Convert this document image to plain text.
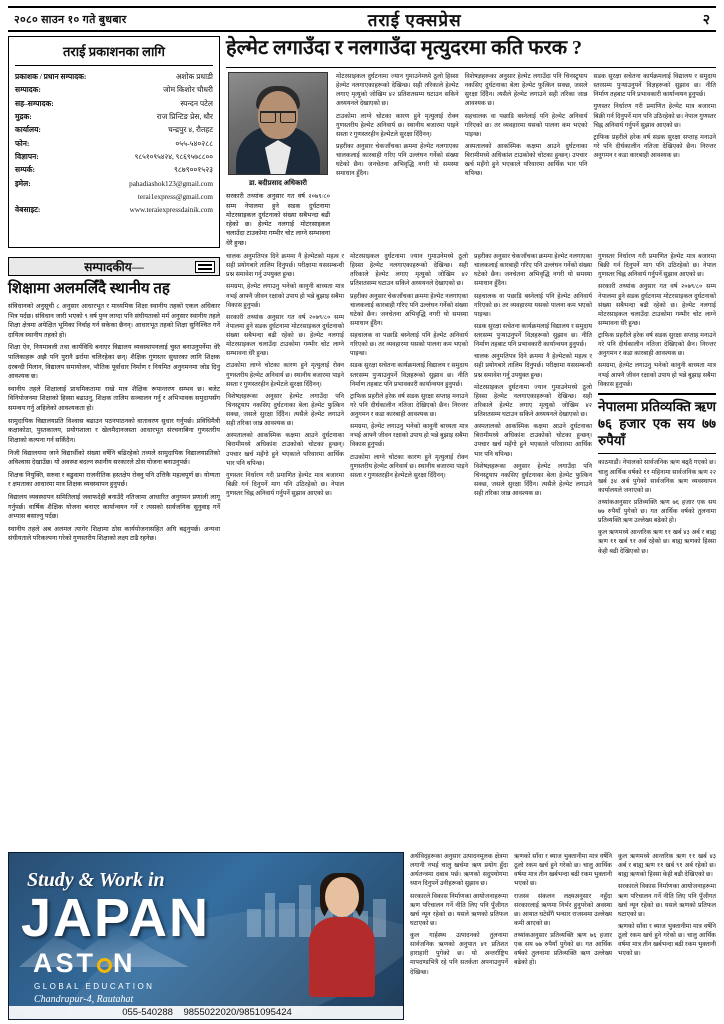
२०८० साउन १० गते बुधबार	तराई एक्सप्रेस	२
तराई प्रकाशनका लागि
प्रकाशक / प्रधान सम्पादक:	अशोक प्रधाडी
सम्पादक:	जोम किशोर चौधरी
सह–सम्पादक:	स्पन्दन पटेल
मुद्रक:	राज प्रिन्टिङ प्रेस, थौर
कार्यालय:	चन्द्रपुर ४, रौतहट
फोन:	०५५-५४०२८८
विज्ञापन:	९८५१०९५४२४, ९८६९५७८८००
सम्पर्क:	९८७९००१५२३
इमेल:	pahadiashok123@gmail.com
terai1express@gmail.com
वेबसाइट:	www.teraiexpressdainik.com
हेल्मेट लगाउँदा र नलगाउँदा मृत्युदरमा कति फरक ?
डा. बदीप्रसाद अधिकारी
सरकारी तथ्यांक अनुसार गत वर्ष २०७९/८० सम्म नेपालमा हुने सडक दुर्घटनामा मोटरसाइकल दुर्घटनाको संख्या सबैभन्दा बढी रहेको छ। हेल्मेट नलगाई मोटरसाइकल चलाउँदा टाउकोमा गम्भीर चोट लाग्ने सम्भावना धेरै हुन्छ।

मोटरसाइकल दुर्घटनामा ज्यान गुमाउनेमध्ये ठूलो हिस्सा हेल्मेट नलगाएकाहरूको देखिन्छ। सही तरिकाले हेल्मेट लगाए मृत्युको जोखिम ४२ प्रतिशतसम्म घटाउन सकिने अध्ययनले देखाएको छ।

टाउकोमा लाग्ने चोटका कारण हुने मृत्युलाई रोक्न गुणस्तरीय हेल्मेट अनिवार्य छ। स्थानीय बजारमा पाइने सस्ता र गुणस्तरहीन हेल्मेटले सुरक्षा दिँदैनन्।

प्रहरीका अनुसार चेकजाँचका क्रममा हेल्मेट नलगाएका चालकलाई कारबाही गरिए पनि उल्लंघन गर्नेको संख्या घटेको छैन। जनचेतना अभिवृद्धि नगरी यो समस्या समाधान हुँदैन।

विशेषज्ञहरूका अनुसार हेल्मेट लगाउँदा पनि चिनस्ट्र्याप नकसिए दुर्घटनाका बेला हेल्मेट फुत्किन सक्छ, जसले सुरक्षा दिँदैन। त्यसैले हेल्मेट लगाउने सही तरिका जान्न आवश्यक छ।

सहचालक वा पछाडि बस्नेलाई पनि हेल्मेट अनिवार्य गरिएको छ। तर व्यवहारमा यसको पालना कम भएको पाइन्छ।

अस्पतालको आकस्मिक कक्षमा आउने दुर्घटनाका बिरामीमध्ये अधिकांश टाउकोको चोटका हुन्छन्। उपचार खर्च महँगो हुने भएकाले परिवारमा आर्थिक भार पनि थपिन्छ।

सडक सुरक्षा सचेतना कार्यक्रमलाई विद्यालय र समुदाय स्तरसम्म पुर्‍याउनुपर्ने विज्ञहरूको सुझाव छ। नीति निर्माण तहबाट पनि प्रभावकारी कार्यान्वयन हुनुपर्छ।

गुणस्तर निर्धारण गरी प्रमाणित हेल्मेट मात्र बजारमा बिक्री गर्न दिनुपर्ने माग पनि उठिरहेको छ। नेपाल गुणस्तर चिह्न अनिवार्य गर्नुपर्ने सुझाव आएको छ।

ट्राफिक प्रहरीले हरेक वर्ष सडक सुरक्षा सप्ताह मनाउने गरे पनि दीर्घकालीन नतिजा देखिएको छैन। निरन्तर अनुगमन र कडा कारबाही आवश्यक छ।

सम्पादकीय—
शिक्षामा अलमलिँदै स्थानीय तह

संविधानको अनुसूची ८ अनुसार आधारभूत र माध्यमिक शिक्षा स्थानीय तहको एकल अधिकार भित्र पर्दछ। संविधान जारी भएको ९ वर्ष पुग्न लाग्दा पनि संघीयताको मर्म अनुसार स्थानीय तहले शिक्षा क्षेत्रमा अपेक्षित भूमिका निर्वाह गर्न सकेका छैनन्। आधारभूत तहको शिक्षा सुनिश्चित गर्ने दायित्व स्थानीय तहको हो।

शिक्षा ऐन, नियमावली तथा कार्यविधि बनाएर विद्यालय व्यवस्थापनलाई चुस्त बनाउनुपर्नेमा धेरै पालिकाहरू अझै पनि पुरानै ढर्रामा चलिरहेका छन्। शैक्षिक गुणस्तर सुधारका लागि शिक्षक दरबन्दी मिलान, विद्यालय समायोजन, भौतिक पूर्वाधार निर्माण र नियमित अनुगमनमा जोड दिनु आवश्यक छ।

स्थानीय तहले शिक्षालाई प्राथमिकतामा राखे मात्र शैक्षिक रूपान्तरण सम्भव छ। बजेट विनियोजनमा शिक्षाको हिस्सा बढाउनु, शिक्षक तालिम सञ्चालन गर्नु र अभिभावक समुदायसँग समन्वय गर्नु अहिलेको आवश्यकता हो।

सामुदायिक विद्यालयप्रति विश्वास बढाउन पठनपाठनको वातावरण सुधार गर्नुपर्छ। प्रविधिमैत्री कक्षाकोठा, पुस्तकालय, प्रयोगशाला र खेलमैदानजस्ता आधारभूत संरचनाबिना गुणस्तरीय शिक्षाको कल्पना गर्न सकिँदैन।

निजी विद्यालयमा जाने विद्यार्थीको संख्या वर्षेनि बढिरहेको तथ्यले सामुदायिक विद्यालयप्रतिको अविश्वास देखाउँछ। यो अवस्था बदल्न स्थानीय सरकारले ठोस योजना बनाउनुपर्छ।

शिक्षक नियुक्ति, सरुवा र बढुवामा राजनीतिक हस्तक्षेप रोक्नु पनि उत्तिकै महत्वपूर्ण छ। योग्यता र क्षमताका आधारमा मात्र शिक्षक व्यवस्थापन हुनुपर्छ।

विद्यालय व्यवस्थापन समितिलाई जवाफदेही बनाउँदै नतिजामा आधारित अनुगमन प्रणाली लागू गर्नुपर्छ। वार्षिक शैक्षिक योजना बनाएर कार्यान्वयन गर्ने र त्यसको सार्वजनिक सुनुवाइ गर्ने अभ्यास बसाल्नु पर्दछ।

स्थानीय तहले अब अलमल त्यागेर शिक्षामा ठोस कार्ययोजनासहित अघि बढ्नुपर्छ। अन्यथा संघीयताले परिकल्पना गरेको गुणस्तरीय शिक्षाको लक्ष्य टाढै रहनेछ।

चालक अनुमतिपत्र दिने क्रममा नै हेल्मेटको महत्व र सही प्रयोगबारे तालिम दिनुपर्छ। परीक्षामा यससम्बन्धी प्रश्न समावेश गर्नु उपयुक्त हुन्छ।

समग्रमा, हेल्मेट लगाउनु भनेको कानुनी बाध्यता मात्र नभई आफ्नै जीवन रक्षाको उपाय हो भन्ने बुझाइ सबैमा विकास हुनुपर्छ।

सरकारी तथ्यांक अनुसार गत वर्ष २०७९/८० सम्म नेपालमा हुने सडक दुर्घटनामा मोटरसाइकल दुर्घटनाको संख्या सबैभन्दा बढी रहेको छ। हेल्मेट नलगाई मोटरसाइकल चलाउँदा टाउकोमा गम्भीर चोट लाग्ने सम्भावना धेरै हुन्छ।

टाउकोमा लाग्ने चोटका कारण हुने मृत्युलाई रोक्न गुणस्तरीय हेल्मेट अनिवार्य छ। स्थानीय बजारमा पाइने सस्ता र गुणस्तरहीन हेल्मेटले सुरक्षा दिँदैनन्।

विशेषज्ञहरूका अनुसार हेल्मेट लगाउँदा पनि चिनस्ट्र्याप नकसिए दुर्घटनाका बेला हेल्मेट फुत्किन सक्छ, जसले सुरक्षा दिँदैन। त्यसैले हेल्मेट लगाउने सही तरिका जान्न आवश्यक छ।

अस्पतालको आकस्मिक कक्षमा आउने दुर्घटनाका बिरामीमध्ये अधिकांश टाउकोको चोटका हुन्छन्। उपचार खर्च महँगो हुने भएकाले परिवारमा आर्थिक भार पनि थपिन्छ।

गुणस्तर निर्धारण गरी प्रमाणित हेल्मेट मात्र बजारमा बिक्री गर्न दिनुपर्ने माग पनि उठिरहेको छ। नेपाल गुणस्तर चिह्न अनिवार्य गर्नुपर्ने सुझाव आएको छ।

मोटरसाइकल दुर्घटनामा ज्यान गुमाउनेमध्ये ठूलो हिस्सा हेल्मेट नलगाएकाहरूको देखिन्छ। सही तरिकाले हेल्मेट लगाए मृत्युको जोखिम ४२ प्रतिशतसम्म घटाउन सकिने अध्ययनले देखाएको छ।

प्रहरीका अनुसार चेकजाँचका क्रममा हेल्मेट नलगाएका चालकलाई कारबाही गरिए पनि उल्लंघन गर्नेको संख्या घटेको छैन। जनचेतना अभिवृद्धि नगरी यो समस्या समाधान हुँदैन।

सहचालक वा पछाडि बस्नेलाई पनि हेल्मेट अनिवार्य गरिएको छ। तर व्यवहारमा यसको पालना कम भएको पाइन्छ।

सडक सुरक्षा सचेतना कार्यक्रमलाई विद्यालय र समुदाय स्तरसम्म पुर्‍याउनुपर्ने विज्ञहरूको सुझाव छ। नीति निर्माण तहबाट पनि प्रभावकारी कार्यान्वयन हुनुपर्छ।

ट्राफिक प्रहरीले हरेक वर्ष सडक सुरक्षा सप्ताह मनाउने गरे पनि दीर्घकालीन नतिजा देखिएको छैन। निरन्तर अनुगमन र कडा कारबाही आवश्यक छ।

समग्रमा, हेल्मेट लगाउनु भनेको कानुनी बाध्यता मात्र नभई आफ्नै जीवन रक्षाको उपाय हो भन्ने बुझाइ सबैमा विकास हुनुपर्छ।

टाउकोमा लाग्ने चोटका कारण हुने मृत्युलाई रोक्न गुणस्तरीय हेल्मेट अनिवार्य छ। स्थानीय बजारमा पाइने सस्ता र गुणस्तरहीन हेल्मेटले सुरक्षा दिँदैनन्।

प्रहरीका अनुसार चेकजाँचका क्रममा हेल्मेट नलगाएका चालकलाई कारबाही गरिए पनि उल्लंघन गर्नेको संख्या घटेको छैन। जनचेतना अभिवृद्धि नगरी यो समस्या समाधान हुँदैन।

सहचालक वा पछाडि बस्नेलाई पनि हेल्मेट अनिवार्य गरिएको छ। तर व्यवहारमा यसको पालना कम भएको पाइन्छ।

सडक सुरक्षा सचेतना कार्यक्रमलाई विद्यालय र समुदाय स्तरसम्म पुर्‍याउनुपर्ने विज्ञहरूको सुझाव छ। नीति निर्माण तहबाट पनि प्रभावकारी कार्यान्वयन हुनुपर्छ।

चालक अनुमतिपत्र दिने क्रममा नै हेल्मेटको महत्व र सही प्रयोगबारे तालिम दिनुपर्छ। परीक्षामा यससम्बन्धी प्रश्न समावेश गर्नु उपयुक्त हुन्छ।

मोटरसाइकल दुर्घटनामा ज्यान गुमाउनेमध्ये ठूलो हिस्सा हेल्मेट नलगाएकाहरूको देखिन्छ। सही तरिकाले हेल्मेट लगाए मृत्युको जोखिम ४२ प्रतिशतसम्म घटाउन सकिने अध्ययनले देखाएको छ।

अस्पतालको आकस्मिक कक्षमा आउने दुर्घटनाका बिरामीमध्ये अधिकांश टाउकोको चोटका हुन्छन्। उपचार खर्च महँगो हुने भएकाले परिवारमा आर्थिक भार पनि थपिन्छ।

विशेषज्ञहरूका अनुसार हेल्मेट लगाउँदा पनि चिनस्ट्र्याप नकसिए दुर्घटनाका बेला हेल्मेट फुत्किन सक्छ, जसले सुरक्षा दिँदैन। त्यसैले हेल्मेट लगाउने सही तरिका जान्न आवश्यक छ।

गुणस्तर निर्धारण गरी प्रमाणित हेल्मेट मात्र बजारमा बिक्री गर्न दिनुपर्ने माग पनि उठिरहेको छ। नेपाल गुणस्तर चिह्न अनिवार्य गर्नुपर्ने सुझाव आएको छ।

सरकारी तथ्यांक अनुसार गत वर्ष २०७९/८० सम्म नेपालमा हुने सडक दुर्घटनामा मोटरसाइकल दुर्घटनाको संख्या सबैभन्दा बढी रहेको छ। हेल्मेट नलगाई मोटरसाइकल चलाउँदा टाउकोमा गम्भीर चोट लाग्ने सम्भावना धेरै हुन्छ।

ट्राफिक प्रहरीले हरेक वर्ष सडक सुरक्षा सप्ताह मनाउने गरे पनि दीर्घकालीन नतिजा देखिएको छैन। निरन्तर अनुगमन र कडा कारबाही आवश्यक छ।

समग्रमा, हेल्मेट लगाउनु भनेको कानुनी बाध्यता मात्र नभई आफ्नै जीवन रक्षाको उपाय हो भन्ने बुझाइ सबैमा विकास हुनुपर्छ।

नेपालमा प्रतिव्यक्ति ऋण ७६ हजार एक सय ७७ रुपैयाँ

काठमाडौं। नेपालको सार्वजनिक ऋण बढ्दै गएको छ। चालु आर्थिक वर्षको ११ महिनामा सार्वजनिक ऋण २२ खर्ब ३४ अर्ब पुगेको सार्वजनिक ऋण व्यवस्थापन कार्यालयले जनाएको छ।

तथ्यांकअनुसार प्रतिव्यक्ति ऋण ७६ हजार एक सय ७७ रुपैयाँ पुगेको छ। गत आर्थिक वर्षको तुलनामा प्रतिव्यक्ति ऋण उल्लेख्य बढेको हो।

कुल ऋणमध्ये आन्तरिक ऋण ११ खर्ब ४३ अर्ब र बाह्य ऋण ११ खर्ब ९१ अर्ब रहेको छ। बाह्य ऋणको हिस्सा केही बढी देखिएको छ।

अर्थविद्हरूका अनुसार उत्पादनमूलक क्षेत्रमा लगानी नभई चालु खर्चमा ऋण प्रयोग हुँदा अर्थतन्त्रमा दबाब पर्छ। ऋणको सदुपयोगमा ध्यान दिनुपर्ने उनीहरूको सुझाव छ।

सरकारले विकास निर्माणका आयोजनाहरूमा ऋण परिचालन गर्ने नीति लिए पनि पुँजीगत खर्च न्यून रहेको छ। यसले ऋणको प्रतिफल घटाएको छ।

कुल गार्हस्थ्य उत्पादनको तुलनामा सार्वजनिक ऋणको अनुपात ४१ प्रतिशत हाराहारी पुगेको छ। यो अन्तर्राष्ट्रिय मापदण्डभित्रै रहे पनि सतर्कता अपनाउनुपर्ने देखिन्छ।

ऋणको साँवा र ब्याज भुक्तानीमा मात्र वर्षेनि ठूलो रकम खर्च हुने गरेको छ। चालु आर्थिक वर्षमा मात्र तीन खर्बभन्दा बढी रकम भुक्तानी भएको छ।

राजस्व संकलन लक्ष्यअनुसार नहुँदा सरकारलाई ऋणमा निर्भर हुनुपरेको अवस्था छ। आयात घटेसँगै भन्सार राजस्वमा उल्लेख्य कमी आएको छ।

तथ्यांकअनुसार प्रतिव्यक्ति ऋण ७६ हजार एक सय ७७ रुपैयाँ पुगेको छ। गत आर्थिक वर्षको तुलनामा प्रतिव्यक्ति ऋण उल्लेख्य बढेको हो।

कुल ऋणमध्ये आन्तरिक ऋण ११ खर्ब ४३ अर्ब र बाह्य ऋण ११ खर्ब ९१ अर्ब रहेको छ। बाह्य ऋणको हिस्सा केही बढी देखिएको छ।

सरकारले विकास निर्माणका आयोजनाहरूमा ऋण परिचालन गर्ने नीति लिए पनि पुँजीगत खर्च न्यून रहेको छ। यसले ऋणको प्रतिफल घटाएको छ।

ऋणको साँवा र ब्याज भुक्तानीमा मात्र वर्षेनि ठूलो रकम खर्च हुने गरेको छ। चालु आर्थिक वर्षमा मात्र तीन खर्बभन्दा बढी रकम भुक्तानी भएको छ।

Study & Work in
JAPAN
AST N
GLOBAL EDUCATION
Chandrapur-4, Rautahat
055-540288 9855022020/9851095424
